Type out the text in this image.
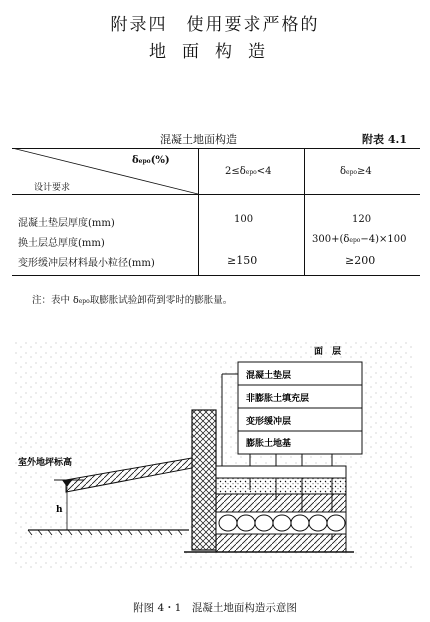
附录四　使用要求严格的
地面构造
混凝土地面构造	附表 4.1
δepo(%)
设计要求
2≤δepo<4	δepo≥4
混凝土垫层厚度(mm)	100	120
换土层总厚度(mm)	300+(δepo−4)×100
变形缓冲层材料最小粒径(mm)	≥150	≥200
注：表中 δepo取膨胀试验卸荷到零时的膨胀量。
面　层
混凝土垫层
非膨胀土填充层
变形缓冲层
膨胀土地基
室外地坪标高
h
附图 4・1　混凝土地面构造示意图
